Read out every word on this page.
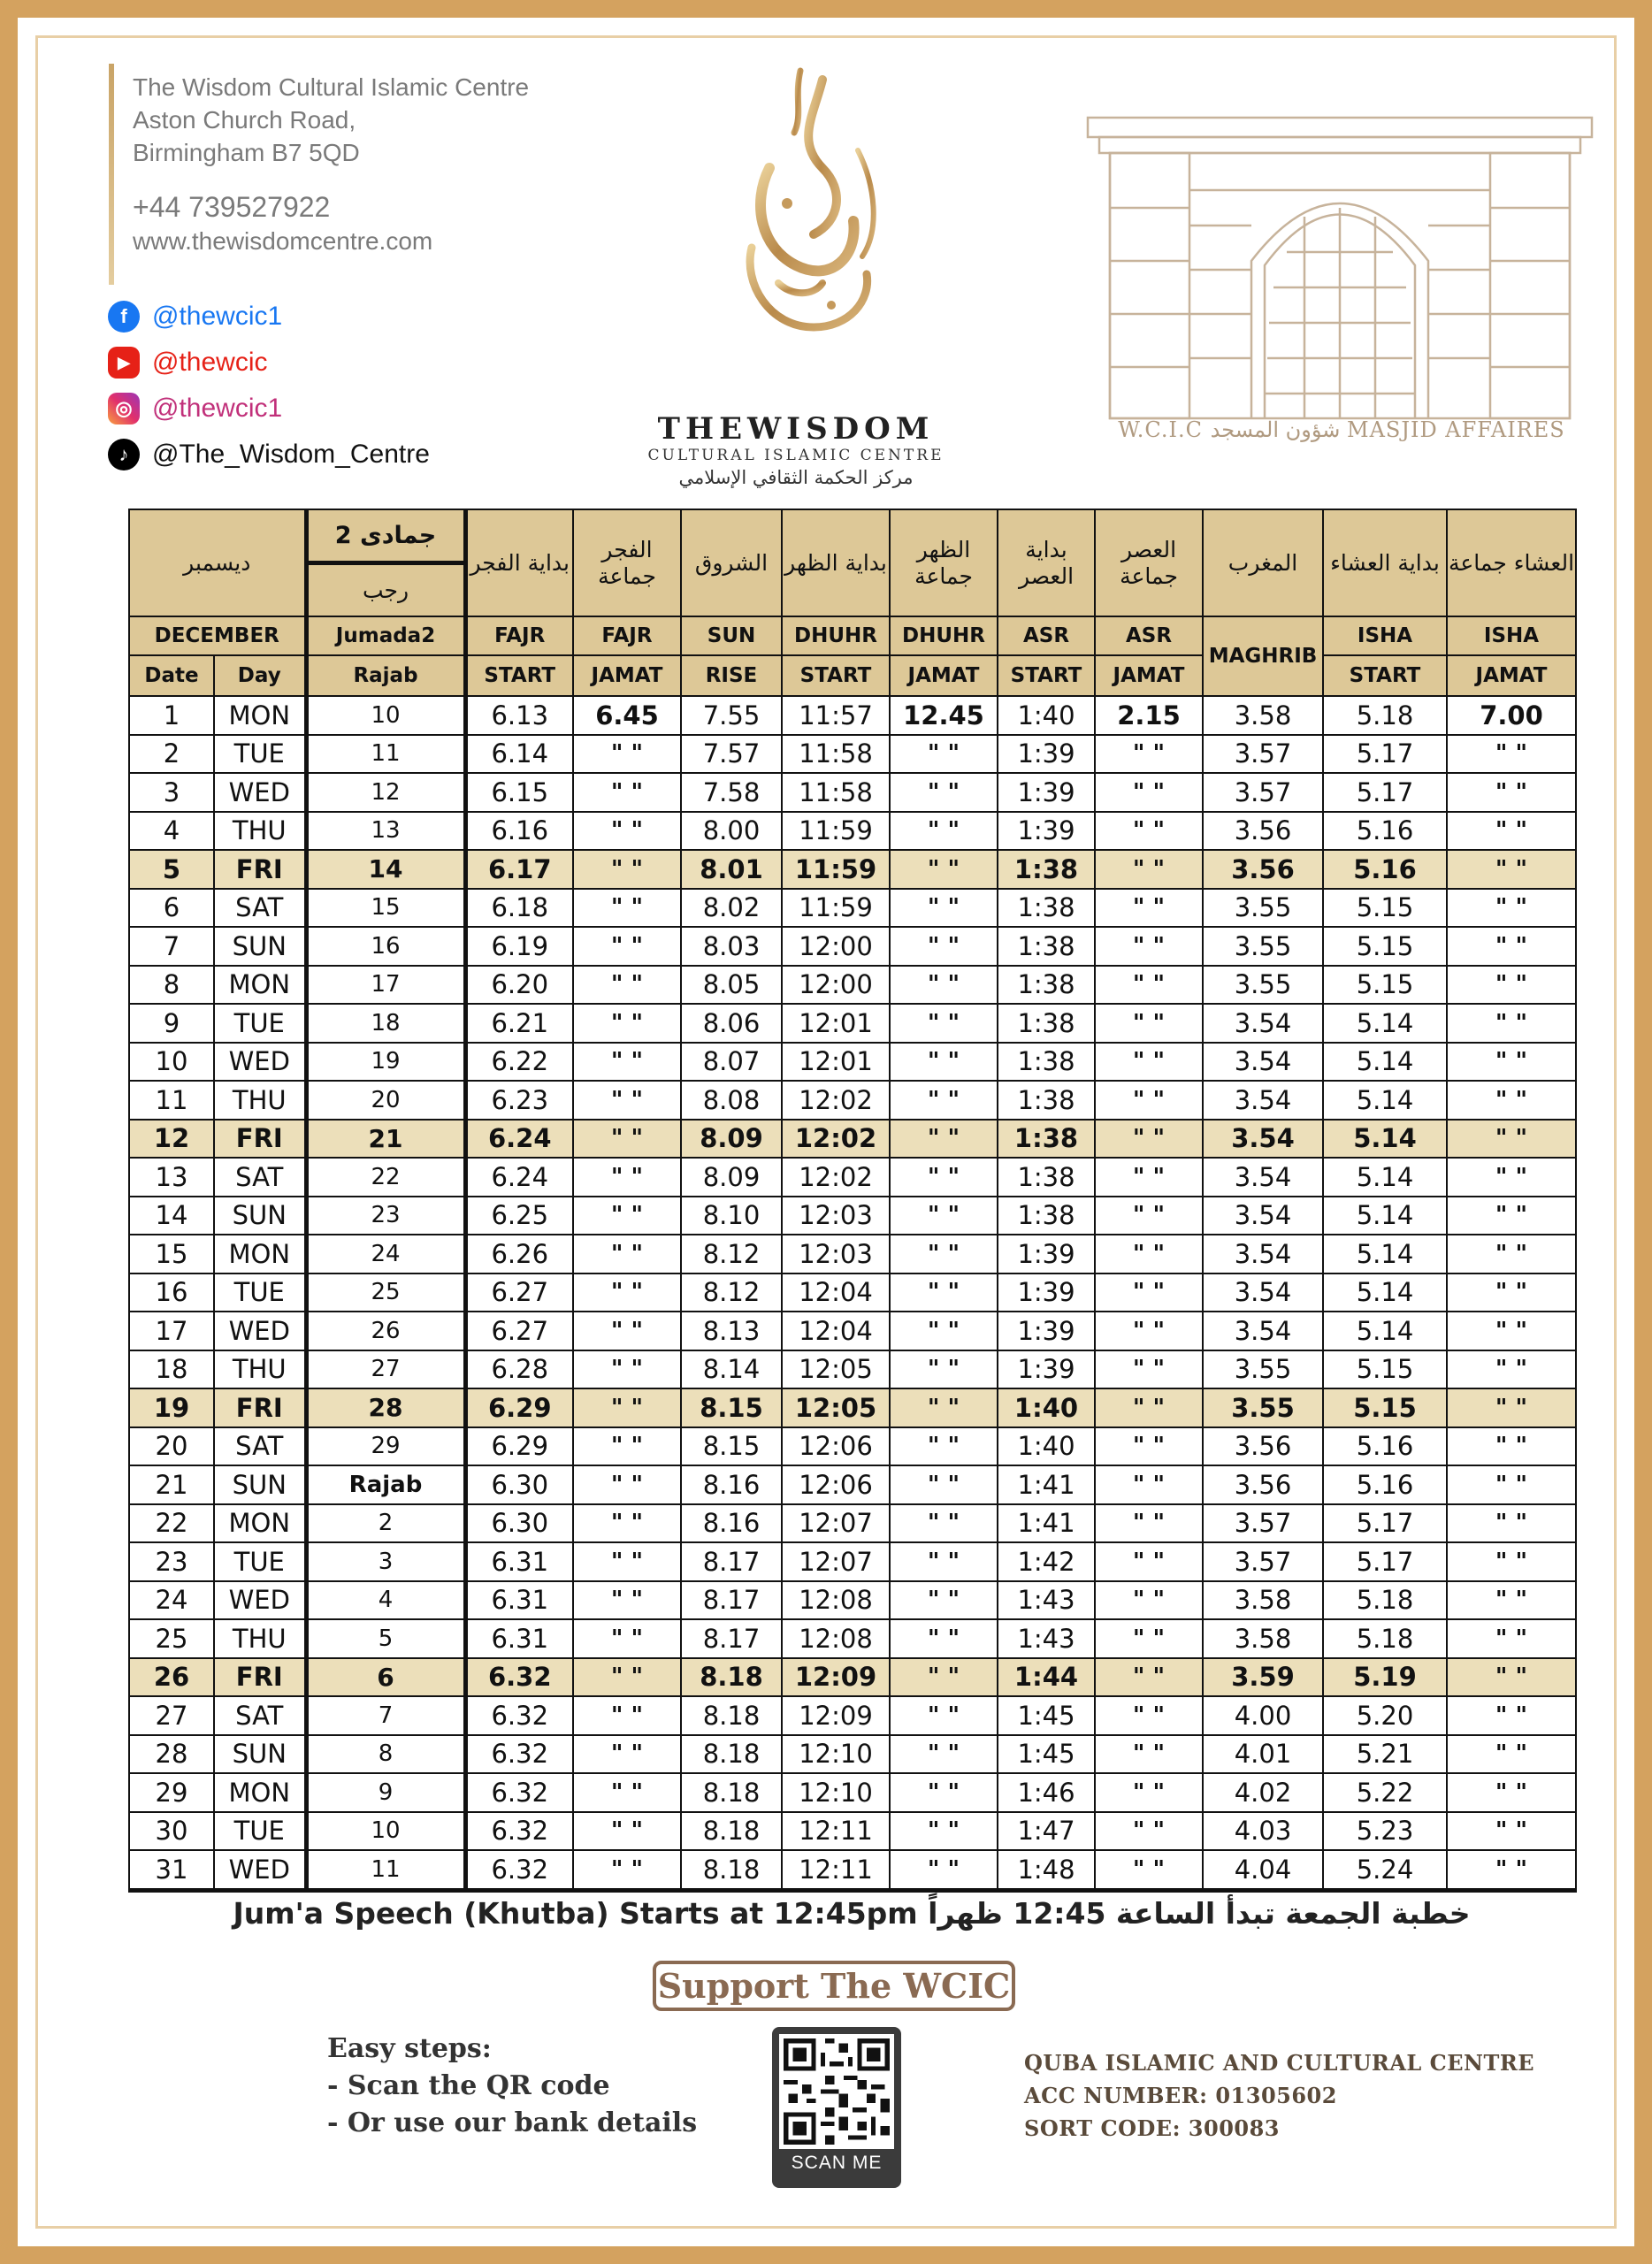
The Wisdom Cultural Islamic Centre
Aston Church Road,
Birmingham B7 5QD
+44 739527922
www.thewisdomcentre.com
f @thewcic1
▶ @thewcic
◎ @thewcic1
♪ @The_Wisdom_Centre
THEWISDOM
CULTURAL ISLAMIC CENTRE
مركز الحكمة الثقافي الإسلامي
W.C.I.C شؤون المسجد MASJID AFFAIRES
ديسمبر		جمادى 2	بداية الفجر	الفجر جماعة	الشروق	بداية الظهر	الظهر جماعة	بداية العصر	العصر جماعة	المغرب	بداية العشاء	العشاء جماعة
		رجب										
DECEMBER		Jumada2	FAJR	FAJR	SUN	DHUHR	DHUHR	ASR	ASR	MAGHRIB	ISHA	ISHA
Date	Day	Rajab	START	JAMAT	RISE	START	JAMAT	START	JAMAT		START	JAMAT
1	MON	10	6.13	6.45	7.55	11:57	12.45	1:40	2.15	3.58	5.18	7.00
2	TUE	11	6.14	" "	7.57	11:58	" "	1:39	" "	3.57	5.17	" "
3	WED	12	6.15	" "	7.58	11:58	" "	1:39	" "	3.57	5.17	" "
4	THU	13	6.16	" "	8.00	11:59	" "	1:39	" "	3.56	5.16	" "
5	FRI	14	6.17	" "	8.01	11:59	" "	1:38	" "	3.56	5.16	" "
6	SAT	15	6.18	" "	8.02	11:59	" "	1:38	" "	3.55	5.15	" "
7	SUN	16	6.19	" "	8.03	12:00	" "	1:38	" "	3.55	5.15	" "
8	MON	17	6.20	" "	8.05	12:00	" "	1:38	" "	3.55	5.15	" "
9	TUE	18	6.21	" "	8.06	12:01	" "	1:38	" "	3.54	5.14	" "
10	WED	19	6.22	" "	8.07	12:01	" "	1:38	" "	3.54	5.14	" "
11	THU	20	6.23	" "	8.08	12:02	" "	1:38	" "	3.54	5.14	" "
12	FRI	21	6.24	" "	8.09	12:02	" "	1:38	" "	3.54	5.14	" "
13	SAT	22	6.24	" "	8.09	12:02	" "	1:38	" "	3.54	5.14	" "
14	SUN	23	6.25	" "	8.10	12:03	" "	1:38	" "	3.54	5.14	" "
15	MON	24	6.26	" "	8.12	12:03	" "	1:39	" "	3.54	5.14	" "
16	TUE	25	6.27	" "	8.12	12:04	" "	1:39	" "	3.54	5.14	" "
17	WED	26	6.27	" "	8.13	12:04	" "	1:39	" "	3.54	5.14	" "
18	THU	27	6.28	" "	8.14	12:05	" "	1:39	" "	3.55	5.15	" "
19	FRI	28	6.29	" "	8.15	12:05	" "	1:40	" "	3.55	5.15	" "
20	SAT	29	6.29	" "	8.15	12:06	" "	1:40	" "	3.56	5.16	" "
21	SUN	Rajab	6.30	" "	8.16	12:06	" "	1:41	" "	3.56	5.16	" "
22	MON	2	6.30	" "	8.16	12:07	" "	1:41	" "	3.57	5.17	" "
23	TUE	3	6.31	" "	8.17	12:07	" "	1:42	" "	3.57	5.17	" "
24	WED	4	6.31	" "	8.17	12:08	" "	1:43	" "	3.58	5.18	" "
25	THU	5	6.31	" "	8.17	12:08	" "	1:43	" "	3.58	5.18	" "
26	FRI	6	6.32	" "	8.18	12:09	" "	1:44	" "	3.59	5.19	" "
27	SAT	7	6.32	" "	8.18	12:09	" "	1:45	" "	4.00	5.20	" "
28	SUN	8	6.32	" "	8.18	12:10	" "	1:45	" "	4.01	5.21	" "
29	MON	9	6.32	" "	8.18	12:10	" "	1:46	" "	4.02	5.22	" "
30	TUE	10	6.32	" "	8.18	12:11	" "	1:47	" "	4.03	5.23	" "
31	WED	11	6.32	" "	8.18	12:11	" "	1:48	" "	4.04	5.24	" "
Jum'a Speech (Khutba) Starts at 12:45pm خطبة الجمعة تبدأ الساعة 12:45 ظهراً
Support The WCIC
Easy steps:
- Scan the QR code
- Or use our bank details
SCAN ME
QUBA ISLAMIC AND CULTURAL CENTRE
ACC NUMBER: 01305602
SORT CODE: 300083
